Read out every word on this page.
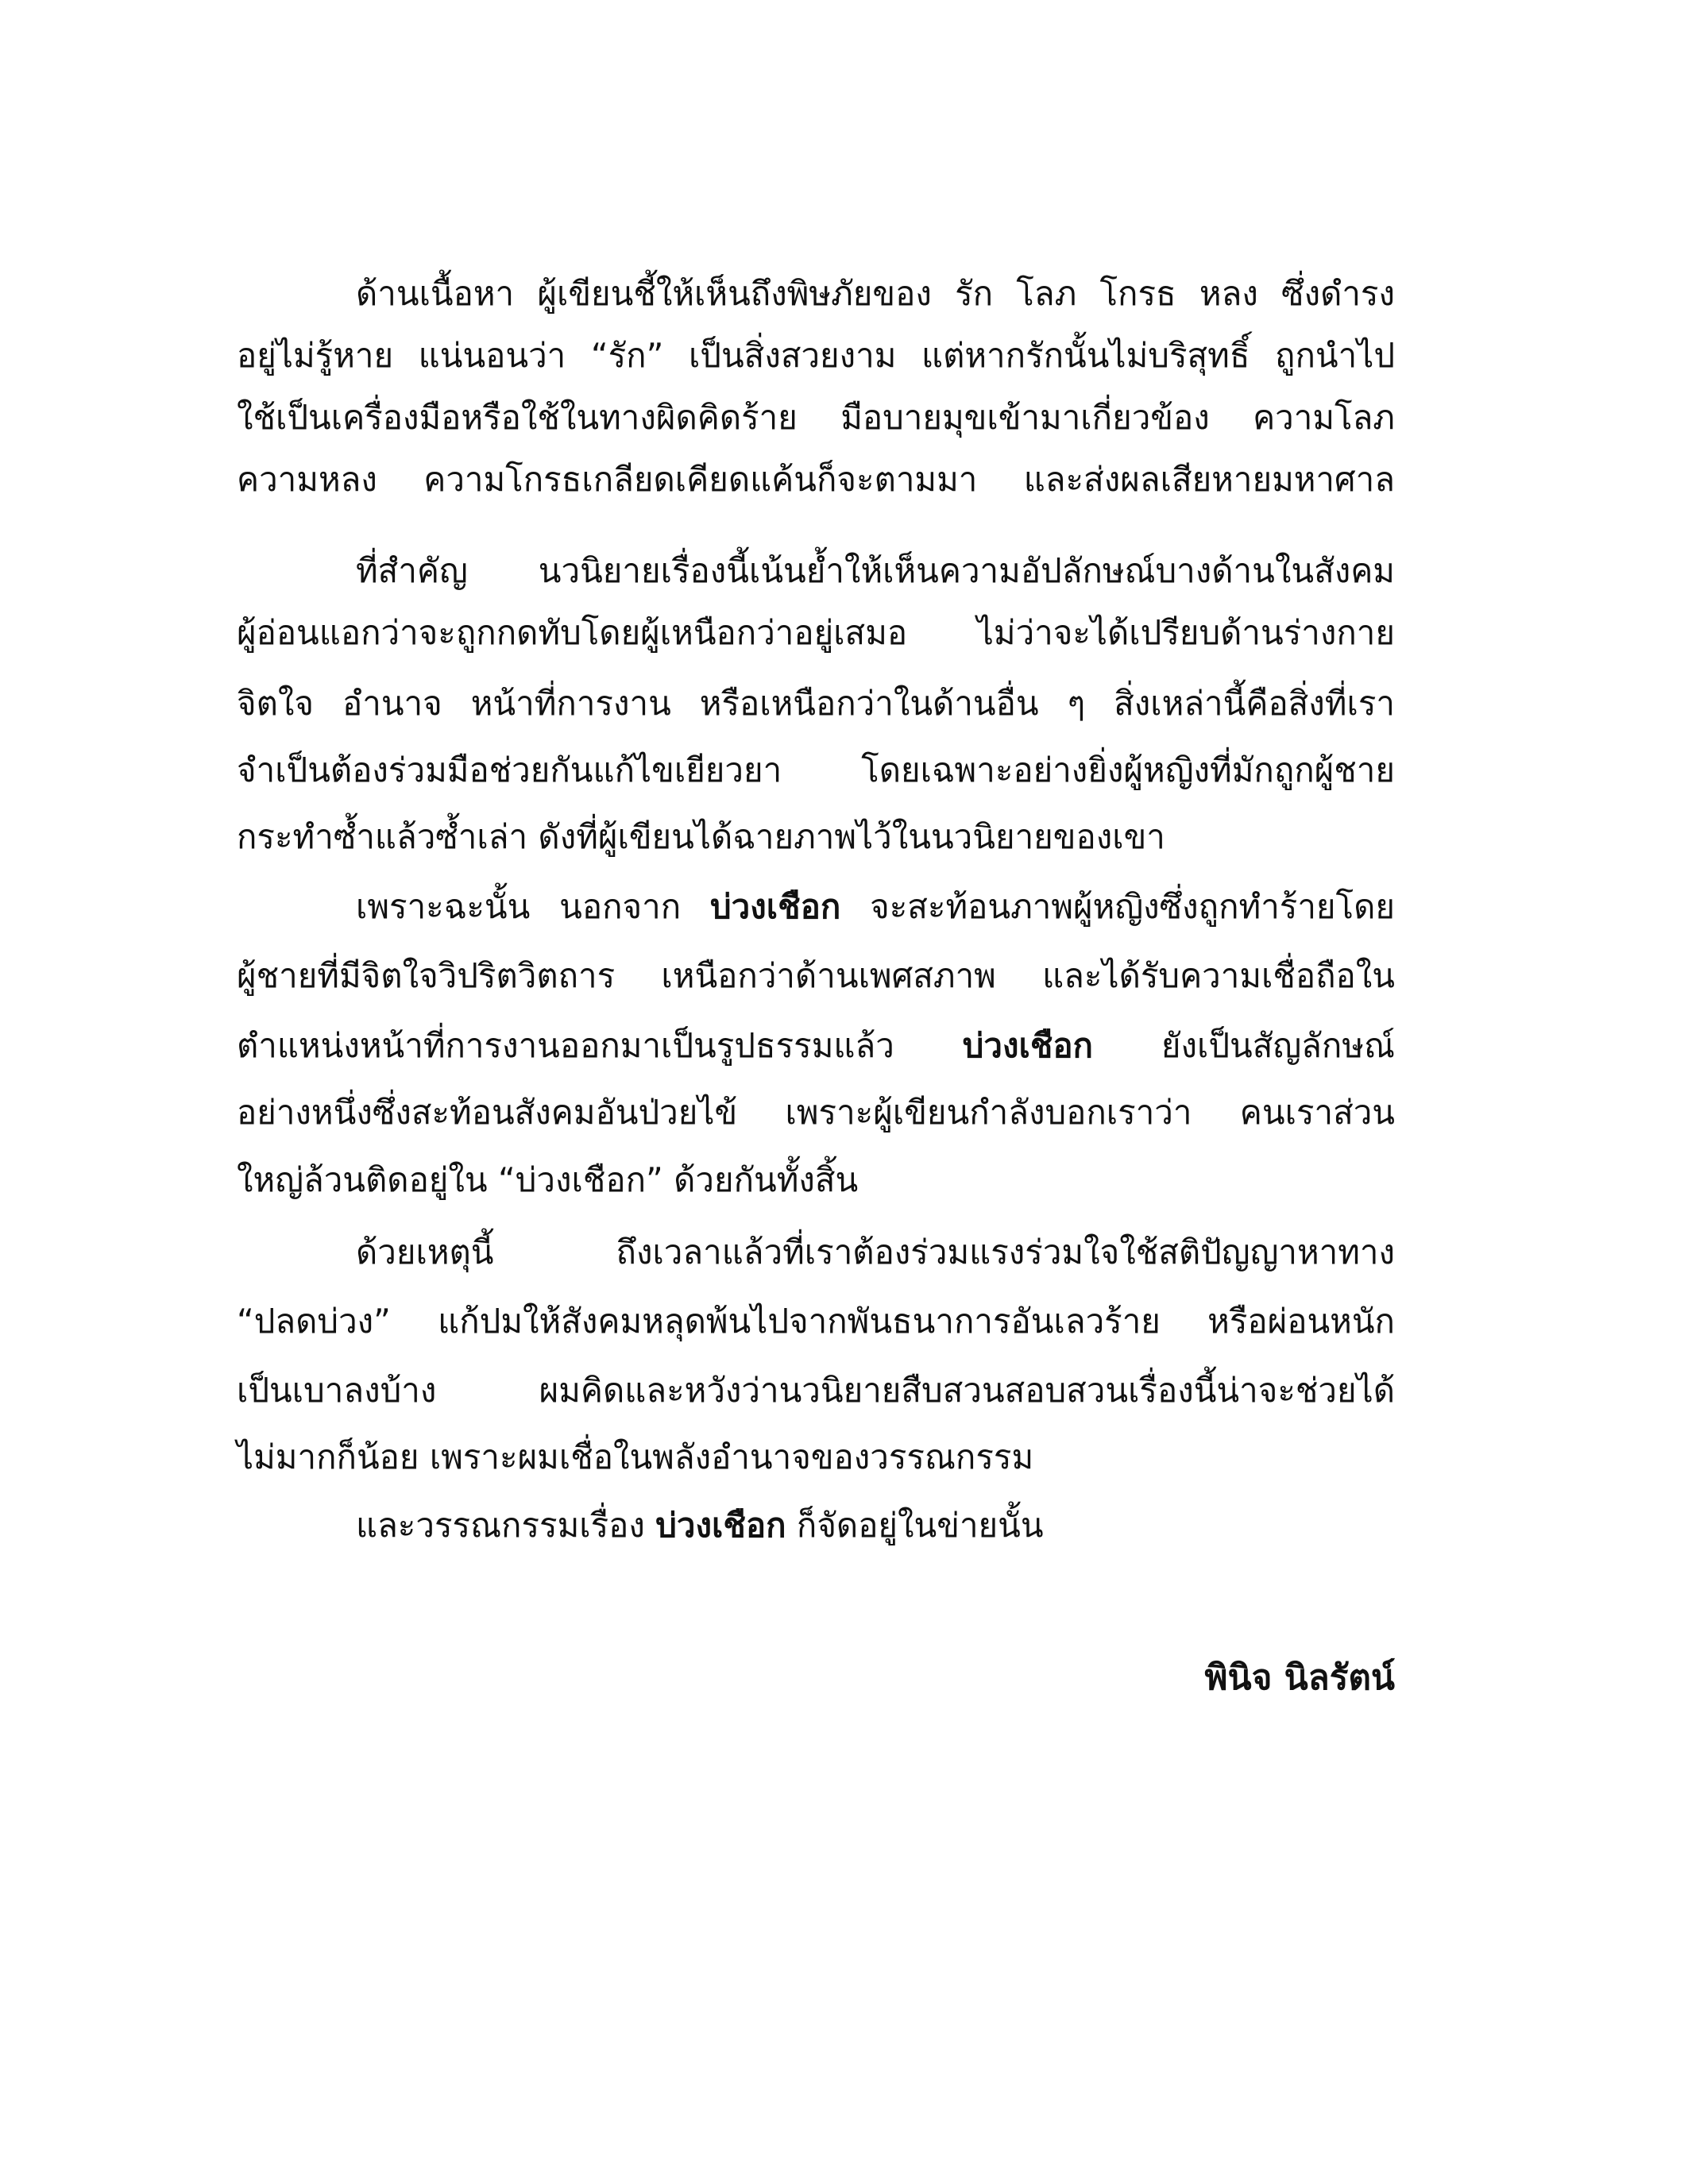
ด้านเนื้อหา ผู้เขียนชี้ให้เห็นถึงพิษภัยของ รัก โลภ โกรธ หลง ซึ่งดำรง
อยู่ไม่รู้หาย แน่นอนว่า “รัก” เป็นสิ่งสวยงาม แต่หากรักนั้นไม่บริสุทธิ์ ถูกนำไป
ใช้เป็นเครื่องมือหรือใช้ในทางผิดคิดร้าย มือบายมุขเข้ามาเกี่ยวข้อง ความโลภ
ความหลง ความโกรธเกลียดเคียดแค้นก็จะตามมา และส่งผลเสียหายมหาศาล
ที่สำคัญ นวนิยายเรื่องนี้เน้นย้ำให้เห็นความอัปลักษณ์บางด้านในสังคม
ผู้อ่อนแอกว่าจะถูกกดทับโดยผู้เหนือกว่าอยู่เสมอ ไม่ว่าจะได้เปรียบด้านร่างกาย
จิตใจ อำนาจ หน้าที่การงาน หรือเหนือกว่าในด้านอื่น ๆ สิ่งเหล่านี้คือสิ่งที่เรา
จำเป็นต้องร่วมมือช่วยกันแก้ไขเยียวยา โดยเฉพาะอย่างยิ่งผู้หญิงที่มักถูกผู้ชาย
กระทำซ้ำแล้วซ้ำเล่า ดังที่ผู้เขียนได้ฉายภาพไว้ในนวนิยายของเขา
เพราะฉะนั้น นอกจาก บ่วงเชือก จะสะท้อนภาพผู้หญิงซึ่งถูกทำร้ายโดย
ผู้ชายที่มีจิตใจวิปริตวิตถาร เหนือกว่าด้านเพศสภาพ และได้รับความเชื่อถือใน
ตำแหน่งหน้าที่การงานออกมาเป็นรูปธรรมแล้ว บ่วงเชือก ยังเป็นสัญลักษณ์
อย่างหนึ่งซึ่งสะท้อนสังคมอันป่วยไข้ เพราะผู้เขียนกำลังบอกเราว่า คนเราส่วน
ใหญ่ล้วนติดอยู่ใน “บ่วงเชือก” ด้วยกันทั้งสิ้น
ด้วยเหตุนี้ ถึงเวลาแล้วที่เราต้องร่วมแรงร่วมใจใช้สติปัญญาหาทาง
“ปลดบ่วง” แก้ปมให้สังคมหลุดพ้นไปจากพันธนาการอันเลวร้าย หรือผ่อนหนัก
เป็นเบาลงบ้าง ผมคิดและหวังว่านวนิยายสืบสวนสอบสวนเรื่องนี้น่าจะช่วยได้
ไม่มากก็น้อย เพราะผมเชื่อในพลังอำนาจของวรรณกรรม
และวรรณกรรมเรื่อง บ่วงเชือก ก็จัดอยู่ในข่ายนั้น
พินิจ นิลรัตน์
